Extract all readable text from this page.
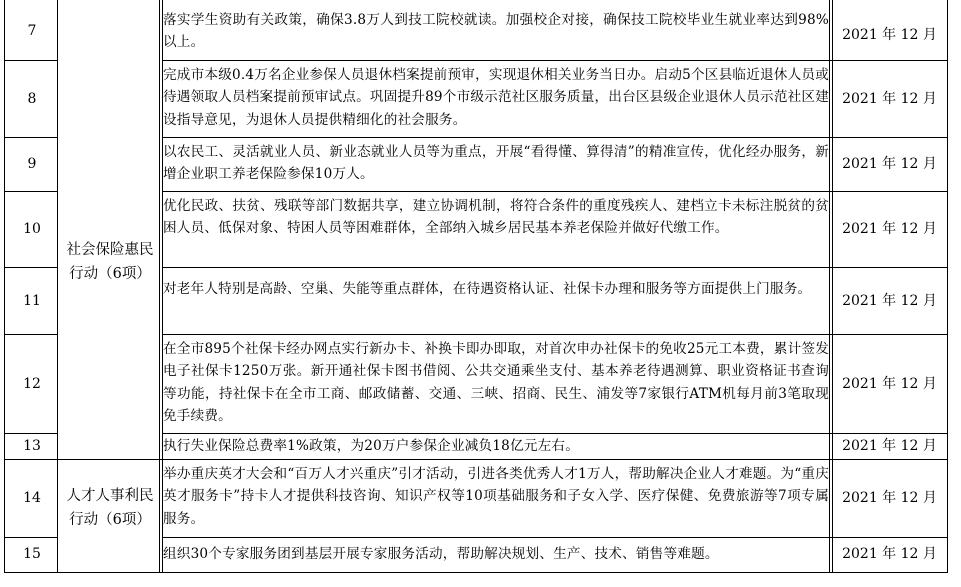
7
8
9
10
11
12
13
14
15
社会保险惠民
行动（6项）
人才人事利民
行动（6项）
落实学生资助有关政策，确保3.8万人到技工院校就读。加强校企对接，确保技工院校毕业生就业率达到98%以上。
完成市本级0.4万名企业参保人员退休档案提前预审，实现退休相关业务当日办。启动5个区县临近退休人员或待遇领取人员档案提前预审试点。巩固提升89个市级示范社区服务质量，出台区县级企业退休人员示范社区建设指导意见，为退休人员提供精细化的社会服务。
以农民工、灵活就业人员、新业态就业人员等为重点，开展“看得懂、算得清”的精准宣传，优化经办服务，新增企业职工养老保险参保10万人。
优化民政、扶贫、残联等部门数据共享，建立协调机制，将符合条件的重度残疾人、建档立卡未标注脱贫的贫困人员、低保对象、特困人员等困难群体，全部纳入城乡居民基本养老保险并做好代缴工作。
对老年人特别是高龄、空巢、失能等重点群体，在待遇资格认证、社保卡办理和服务等方面提供上门服务。
在全市895个社保卡经办网点实行新办卡、补换卡即办即取，对首次申办社保卡的免收25元工本费，累计签发电子社保卡1250万张。新开通社保卡图书借阅、公共交通乘坐支付、基本养老待遇测算、职业资格证书查询等功能，持社保卡在全市工商、邮政储蓄、交通、三峡、招商、民生、浦发等7家银行ATM机每月前3笔取现免手续费。
执行失业保险总费率1%政策，为20万户参保企业减负18亿元左右。
举办重庆英才大会和“百万人才兴重庆”引才活动，引进各类优秀人才1万人，帮助解决企业人才难题。为“重庆英才服务卡”持卡人才提供科技咨询、知识产权等10项基础服务和子女入学、医疗保健、免费旅游等7项专属服务。
组织30个专家服务团到基层开展专家服务活动，帮助解决规划、生产、技术、销售等难题。
2021 年 12 月
2021 年 12 月
2021 年 12 月
2021 年 12 月
2021 年 12 月
2021 年 12 月
2021 年 12 月
2021 年 12 月
2021 年 12 月
